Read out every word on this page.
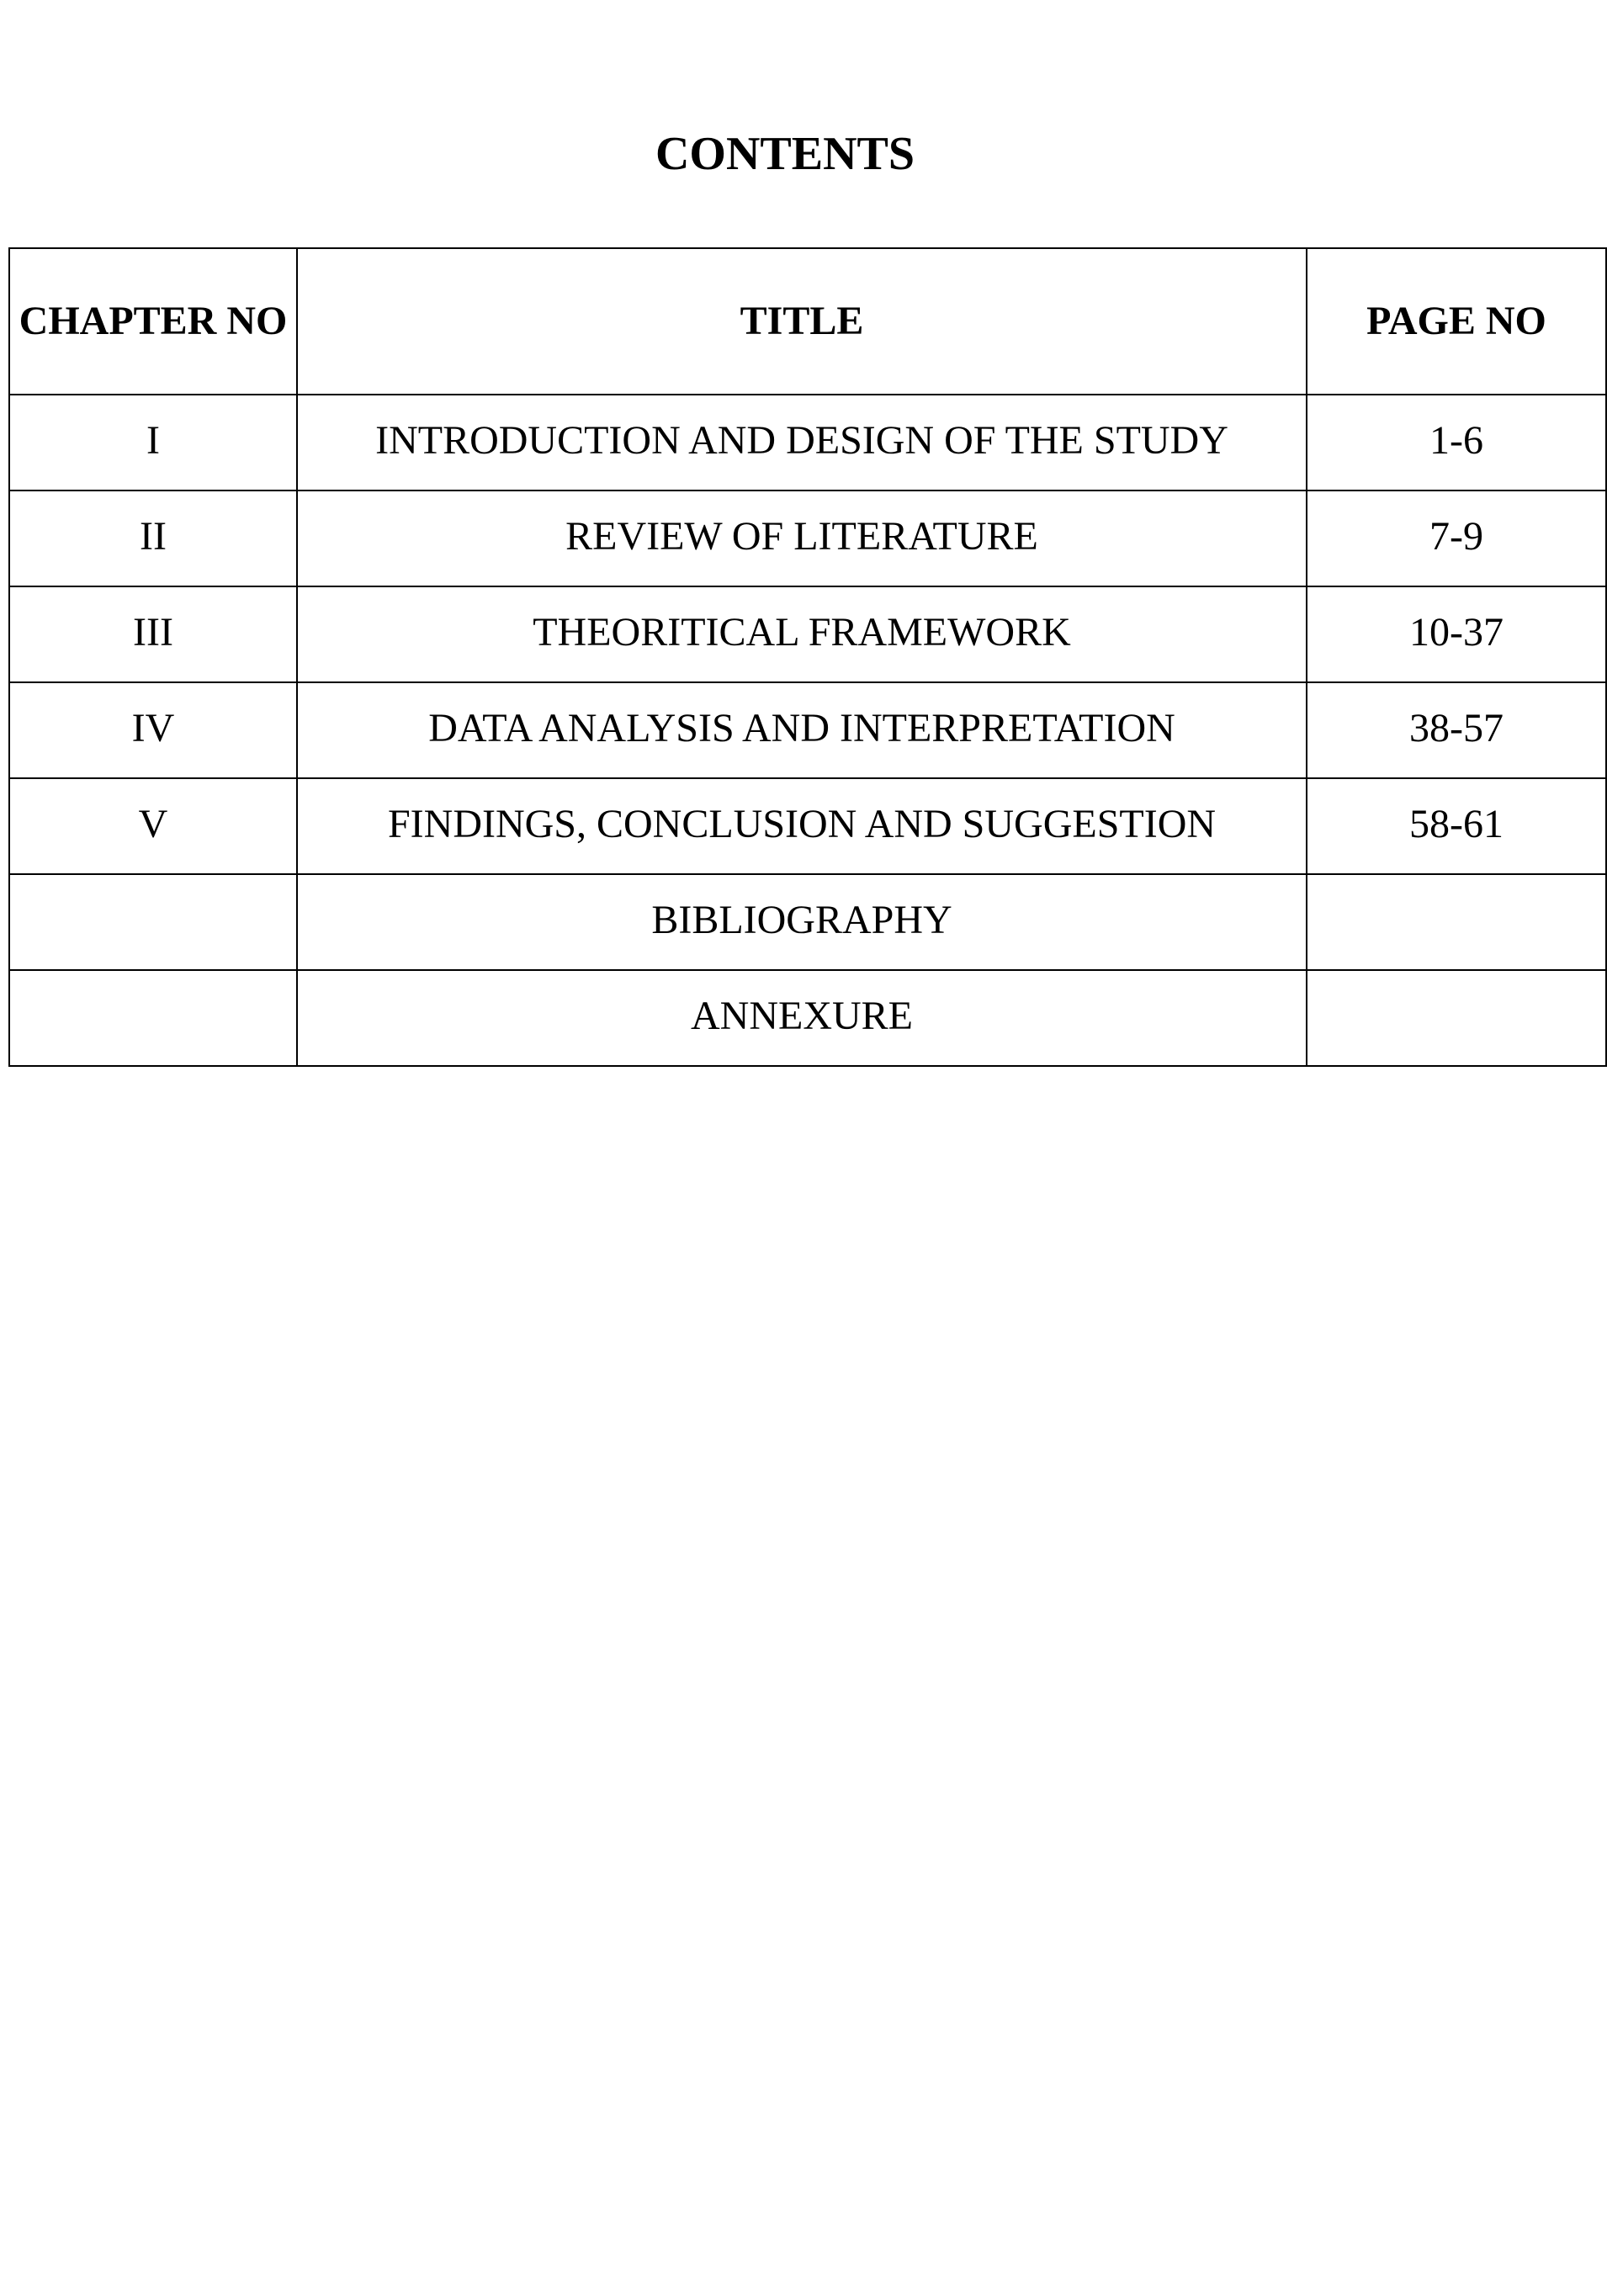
CONTENTS
CHAPTER NO	TITLE	PAGE NO

I	INTRODUCTION AND DESIGN OF THE STUDY	1-6

II	REVIEW OF LITERATURE	7-9

III	THEORITICAL FRAMEWORK	10-37

IV	DATA ANALYSIS AND INTERPRETATION	38-57

V	FINDINGS, CONCLUSION AND SUGGESTION	58-61

	BIBLIOGRAPHY	

	ANNEXURE	
